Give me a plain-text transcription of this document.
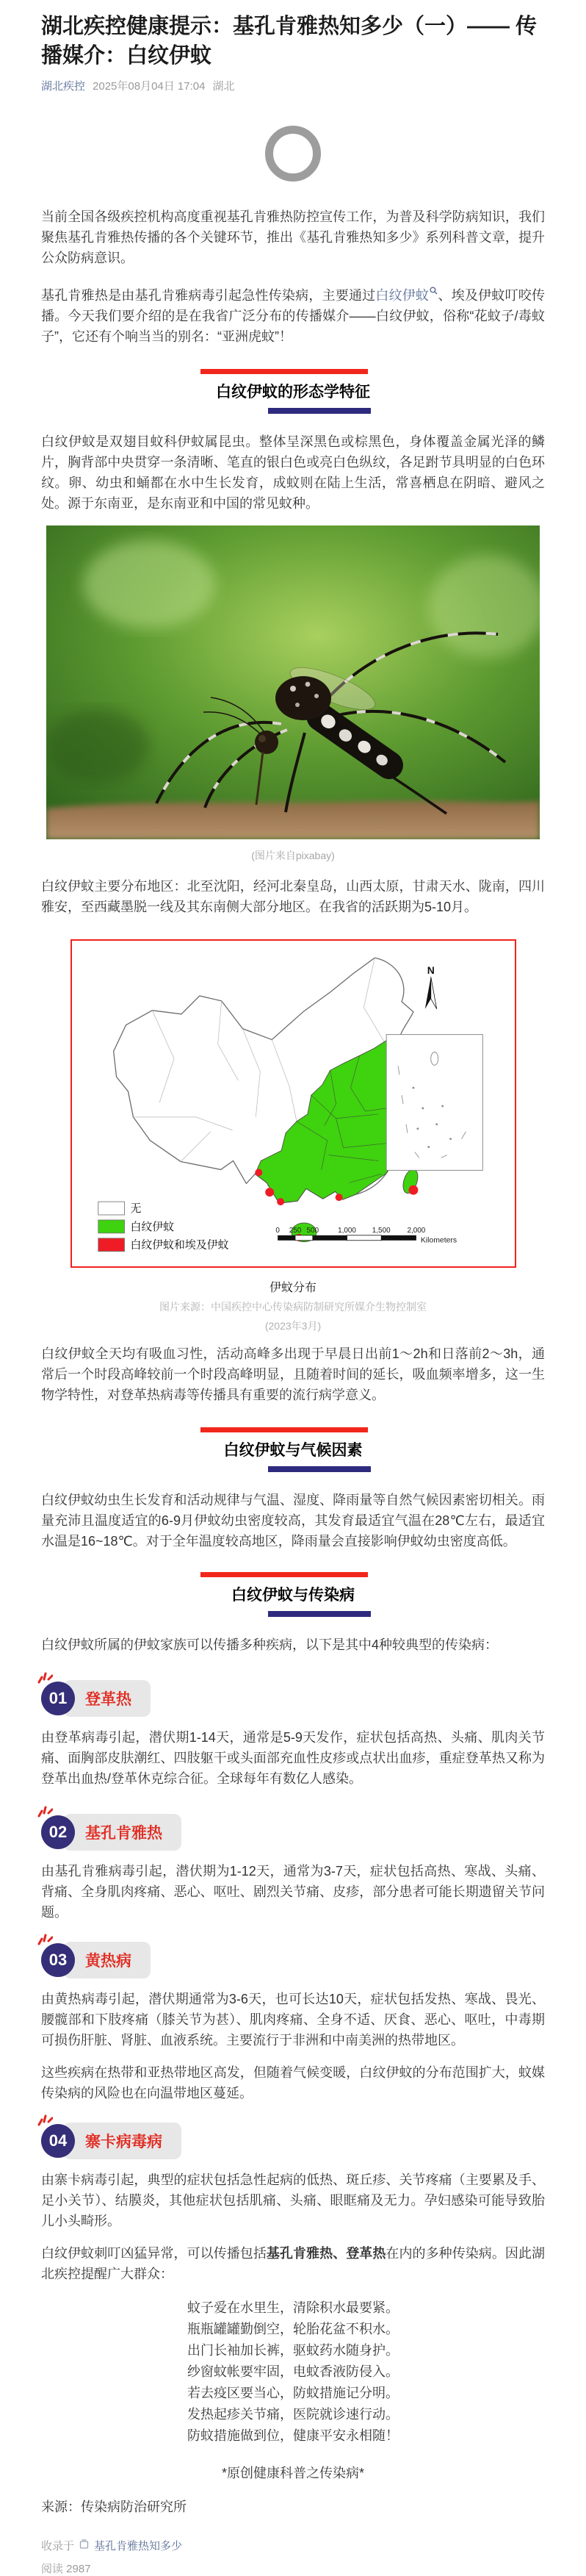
湖北疾控健康提示：基孔肯雅热知多少（一）—— 传播媒介：白纹伊蚊
湖北疾控 2025年08月04日 17:04 湖北

当前全国各级疾控机构高度重视基孔肯雅热防控宣传工作，为普及科学防病知识，我们聚焦基孔肯雅热传播的各个关键环节，推出《基孔肯雅热知多少》系列科普文章，提升公众防病意识。

基孔肯雅热是由基孔肯雅病毒引起急性传染病，主要通过白纹伊蚊 、埃及伊蚊叮咬传播。今天我们要介绍的是在我省广泛分布的传播媒介——白纹伊蚊，俗称“花蚊子/毒蚊子”，它还有个响当当的别名：“亚洲虎蚊”！

白纹伊蚊的形态学特征

白纹伊蚊是双翅目蚊科伊蚊属昆虫。整体呈深黑色或棕黑色，身体覆盖金属光泽的鳞片，胸背部中央贯穿一条清晰、笔直的银白色或亮白色纵纹，各足跗节具明显的白色环纹。卵、幼虫和蛹都在水中生长发育，成蚊则在陆上生活，常喜栖息在阴暗、避风之处。源于东南亚，是东南亚和中国的常见蚊种。

(图片来自pixabay)

白纹伊蚊主要分布地区：北至沈阳，经河北秦皇岛，山西太原，甘肃天水、陇南，四川雅安，至西藏墨脱一线及其东南侧大部分地区。在我省的活跃期为5-10月。

N
无
白纹伊蚊
白纹伊蚊和埃及伊蚊
0 250 500	1,000 1,500 2,000
Kilometers
伊蚊分布
图片来源：中国疾控中心传染病防制研究所媒介生物控制室
(2023年3月)

白纹伊蚊全天均有吸血习性，活动高峰多出现于早晨日出前1～2h和日落前2～3h，通常后一个时段高峰较前一个时段高峰明显，且随着时间的延长，吸血频率增多，这一生物学特性，对登革热病毒等传播具有重要的流行病学意义。

白纹伊蚊与气候因素

白纹伊蚊幼虫生长发育和活动规律与气温、湿度、降雨量等自然气候因素密切相关。雨量充沛且温度适宜的6-9月伊蚊幼虫密度较高，其发育最适宜气温在28℃左右，最适宜水温是16~18℃。对于全年温度较高地区，降雨量会直接影响伊蚊幼虫密度高低。

白纹伊蚊与传染病

白纹伊蚊所属的伊蚊家族可以传播多种疾病，以下是其中4种较典型的传染病：

01	登革热

由登革病毒引起，潜伏期1-14天，通常是5-9天发作，症状包括高热、头痛、肌肉关节痛、面胸部皮肤潮红、四肢躯干或头面部充血性皮疹或点状出血疹，重症登革热又称为登革出血热/登革休克综合征。全球每年有数亿人感染。

02	基孔肯雅热

由基孔肯雅病毒引起，潜伏期为1-12天，通常为3-7天，症状包括高热、寒战、头痛、背痛、全身肌肉疼痛、恶心、呕吐、剧烈关节痛、皮疹，部分患者可能长期遗留关节问题。

03	黄热病

由黄热病毒引起，潜伏期通常为3-6天，也可长达10天，症状包括发热、寒战、畏光、腰髋部和下肢疼痛（膝关节为甚）、肌肉疼痛、全身不适、厌食、恶心、呕吐，中毒期可损伤肝脏、肾脏、血液系统。主要流行于非洲和中南美洲的热带地区。

这些疾病在热带和亚热带地区高发，但随着气候变暖，白纹伊蚊的分布范围扩大，蚊媒传染病的风险也在向温带地区蔓延。

04	寨卡病毒病

由寨卡病毒引起，典型的症状包括急性起病的低热、斑丘疹、关节疼痛（主要累及手、足小关节）、结膜炎，其他症状包括肌痛、头痛、眼眶痛及无力。孕妇感染可能导致胎儿小头畸形。

白纹伊蚊刺叮凶猛异常，可以传播包括基孔肯雅热、登革热在内的多种传染病。因此湖北疾控提醒广大群众：

蚊子爱在水里生，清除积水最要紧。
瓶瓶罐罐勤倒空，轮胎花盆不积水。
出门长袖加长裤，驱蚊药水随身护。
纱窗蚊帐要牢固，电蚊香液防侵入。
若去疫区要当心，防蚊措施记分明。
发热起疹关节痛，医院就诊速行动。
防蚊措施做到位，健康平安永相随！
*原创健康科普之传染病*
来源：传染病防治研究所
收录于 基孔肯雅热知多少
阅读 2987
